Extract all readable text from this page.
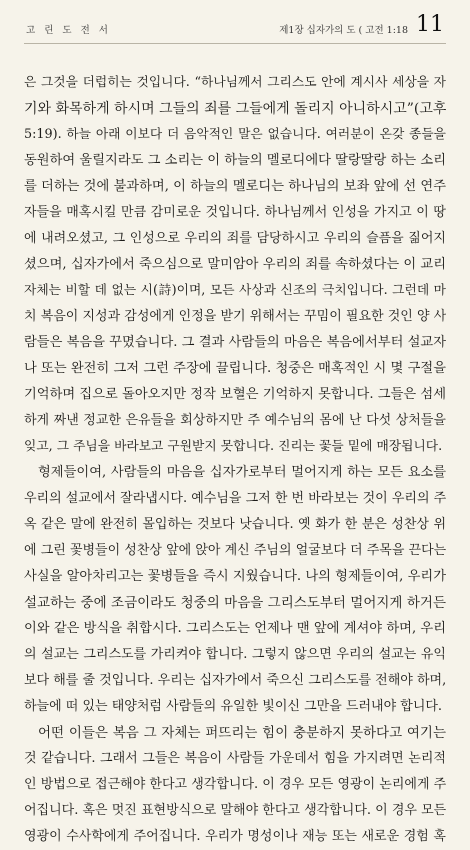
고 린 도 전 서	제1장 십자가의 도 ( 고전 1:18 11
은 그것을 더럽히는 것입니다. “하나님께서 그리스도 안에 계시사 세상을 자
기와 화목하게 하시며 그들의 죄를 그들에게 돌리지 아니하시고”(고후
5:19). 하늘 아래 이보다 더 음악적인 말은 없습니다. 여러분이 온갖 종들을
동원하여 울릴지라도 그 소리는 이 하늘의 멜로디에다 딸랑딸랑 하는 소리
를 더하는 것에 불과하며, 이 하늘의 멜로디는 하나님의 보좌 앞에 선 연주
자들을 매혹시킬 만큼 감미로운 것입니다. 하나님께서 인성을 가지고 이 땅
에 내려오셨고, 그 인성으로 우리의 죄를 담당하시고 우리의 슬픔을 짊어지
셨으며, 십자가에서 죽으심으로 말미암아 우리의 죄를 속하셨다는 이 교리
자체는 비할 데 없는 시(詩)이며, 모든 사상과 신조의 극치입니다. 그런데 마
치 복음이 지성과 감성에게 인정을 받기 위해서는 꾸밈이 필요한 것인 양 사
람들은 복음을 꾸몄습니다. 그 결과 사람들의 마음은 복음에서부터 설교자
나 또는 완전히 그저 그런 주장에 끌립니다. 청중은 매혹적인 시 몇 구절을
기억하며 집으로 돌아오지만 정작 보혈은 기억하지 못합니다. 그들은 섬세
하게 짜낸 정교한 은유들을 회상하지만 주 예수님의 몸에 난 다섯 상처들을
잊고, 그 주님을 바라보고 구원받지 못합니다. 진리는 꽃들 밑에 매장됩니다.
형제들이여, 사람들의 마음을 십자가로부터 멀어지게 하는 모든 요소를
우리의 설교에서 잘라냅시다. 예수님을 그저 한 번 바라보는 것이 우리의 주
옥 같은 말에 완전히 몰입하는 것보다 낫습니다. 옛 화가 한 분은 성찬상 위
에 그린 꽃병들이 성찬상 앞에 앉아 계신 주님의 얼굴보다 더 주목을 끈다는
사실을 알아차리고는 꽃병들을 즉시 지웠습니다. 나의 형제들이여, 우리가
설교하는 중에 조금이라도 청중의 마음을 그리스도부터 멀어지게 하거든
이와 같은 방식을 취합시다. 그리스도는 언제나 맨 앞에 계셔야 하며, 우리
의 설교는 그리스도를 가리켜야 합니다. 그렇지 않으면 우리의 설교는 유익
보다 해를 줄 것입니다. 우리는 십자가에서 죽으신 그리스도를 전해야 하며,
하늘에 떠 있는 태양처럼 사람들의 유일한 빛이신 그만을 드러내야 합니다.
어떤 이들은 복음 그 자체는 퍼뜨리는 힘이 충분하지 못하다고 여기는
것 같습니다. 그래서 그들은 복음이 사람들 가운데서 힘을 가지려면 논리적
인 방법으로 접근해야 한다고 생각합니다. 이 경우 모든 영광이 논리에게 주
어집니다. 혹은 멋진 표현방식으로 말해야 한다고 생각합니다. 이 경우 모든
영광이 수사학에게 주어집니다. 우리가 명성이나 재능 또는 새로운 경험 혹
